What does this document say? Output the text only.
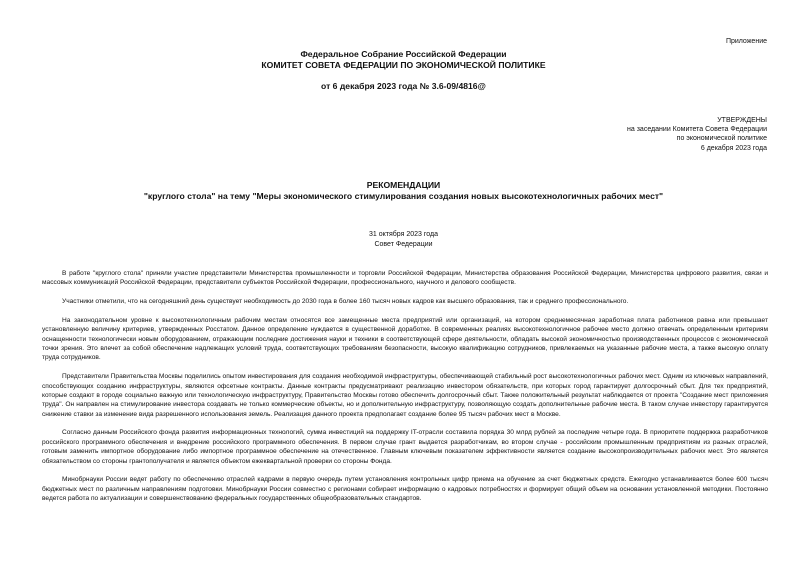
Приложение
Федеральное Собрание Российской Федерации
КОМИТЕТ СОВЕТА ФЕДЕРАЦИИ ПО ЭКОНОМИЧЕСКОЙ ПОЛИТИКЕ
от 6 декабря 2023 года № 3.6-09/4816@
УТВЕРЖДЕНЫ
на заседании Комитета Совета Федерации
по экономической политике
6 декабря 2023 года
РЕКОМЕНДАЦИИ
"круглого стола" на тему "Меры экономического стимулирования создания новых высокотехнологичных рабочих мест"
31 октября 2023 года
Совет Федерации

В работе "круглого стола" приняли участие представители Министерства промышленности и торговли Российской Федерации, Министерства образования Российской Федерации, Министерства цифрового развития, связи и массовых коммуникаций Российской Федерации, представители субъектов Российской Федерации, профессионального, научного и делового сообществ.

Участники отметили, что на сегодняшний день существует необходимость до 2030 года в более 160 тысяч новых кадров как высшего образования, так и среднего профессионального.

На законодательном уровне к высокотехнологичным рабочим местам относятся все замещенные места предприятий или организаций, на котором среднемесячная заработная плата работников равна или превышает установленную величину критериев, утвержденных Росстатом. Данное определение нуждается в существенной доработке. В современных реалиях высокотехнологичное рабочее место должно отвечать определенным критериям оснащенности технологически новым оборудованием, отражающим последние достижения науки и техники в соответствующей сфере деятельности, обладать высокой экономичностью производственных процессов с экономической точки зрения. Это влечет за собой обеспечение надлежащих условий труда, соответствующих требованиям безопасности, высокую квалификацию сотрудников, привлекаемых на указанные рабочие места, а также высокую оплату труда сотрудников.

Представители Правительства Москвы поделились опытом инвестирования для создания необходимой инфраструктуры, обеспечивающей стабильный рост высокотехнологичных рабочих мест. Одним из ключевых направлений, способствующих созданию инфраструктуры, являются офсетные контракты. Данные контракты предусматривают реализацию инвестором обязательств, при которых город гарантирует долгосрочный сбыт. Для тех предприятий, которые создают в городе социально важную или технологическую инфраструктуру, Правительство Москвы готово обеспечить долгосрочный сбыт. Также положительный результат наблюдается от проекта "Создание мест приложения труда". Он направлен на стимулирование инвестора создавать не только коммерческие объекты, но и дополнительную инфраструктуру, позволяющую создать дополнительные рабочие места. В таком случае инвестору гарантируется снижение ставки за изменение вида разрешенного использования земель. Реализация данного проекта предполагает создание более 95 тысяч рабочих мест в Москве.

Согласно данным Российского фонда развития информационных технологий, сумма инвестиций на поддержку IT-отрасли составила порядка 30 млрд рублей за последние четыре года. В приоритете поддержка разработчиков российского программного обеспечения и внедрение российского программного обеспечения. В первом случае грант выдается разработчикам, во втором случае - российским промышленным предприятиям из разных отраслей, готовым заменить импортное оборудование либо импортное программное обеспечение на отечественное. Главным ключевым показателем эффективности является создание высокопроизводительных рабочих мест. Это является обязательством со стороны грантополучателя и является объектом ежеквартальной проверки со стороны Фонда.

Минобрнауки России ведет работу по обеспечению отраслей кадрами в первую очередь путем установления контрольных цифр приема на обучение за счет бюджетных средств. Ежегодно устанавливается более 600 тысяч бюджетных мест по различным направлениям подготовки. Минобрнауки России совместно с регионами собирает информацию о кадровых потребностях и формирует общий объем на основании установленной методики. Постоянно ведется работа по актуализации и совершенствованию федеральных государственных общеобразовательных стандартов.
